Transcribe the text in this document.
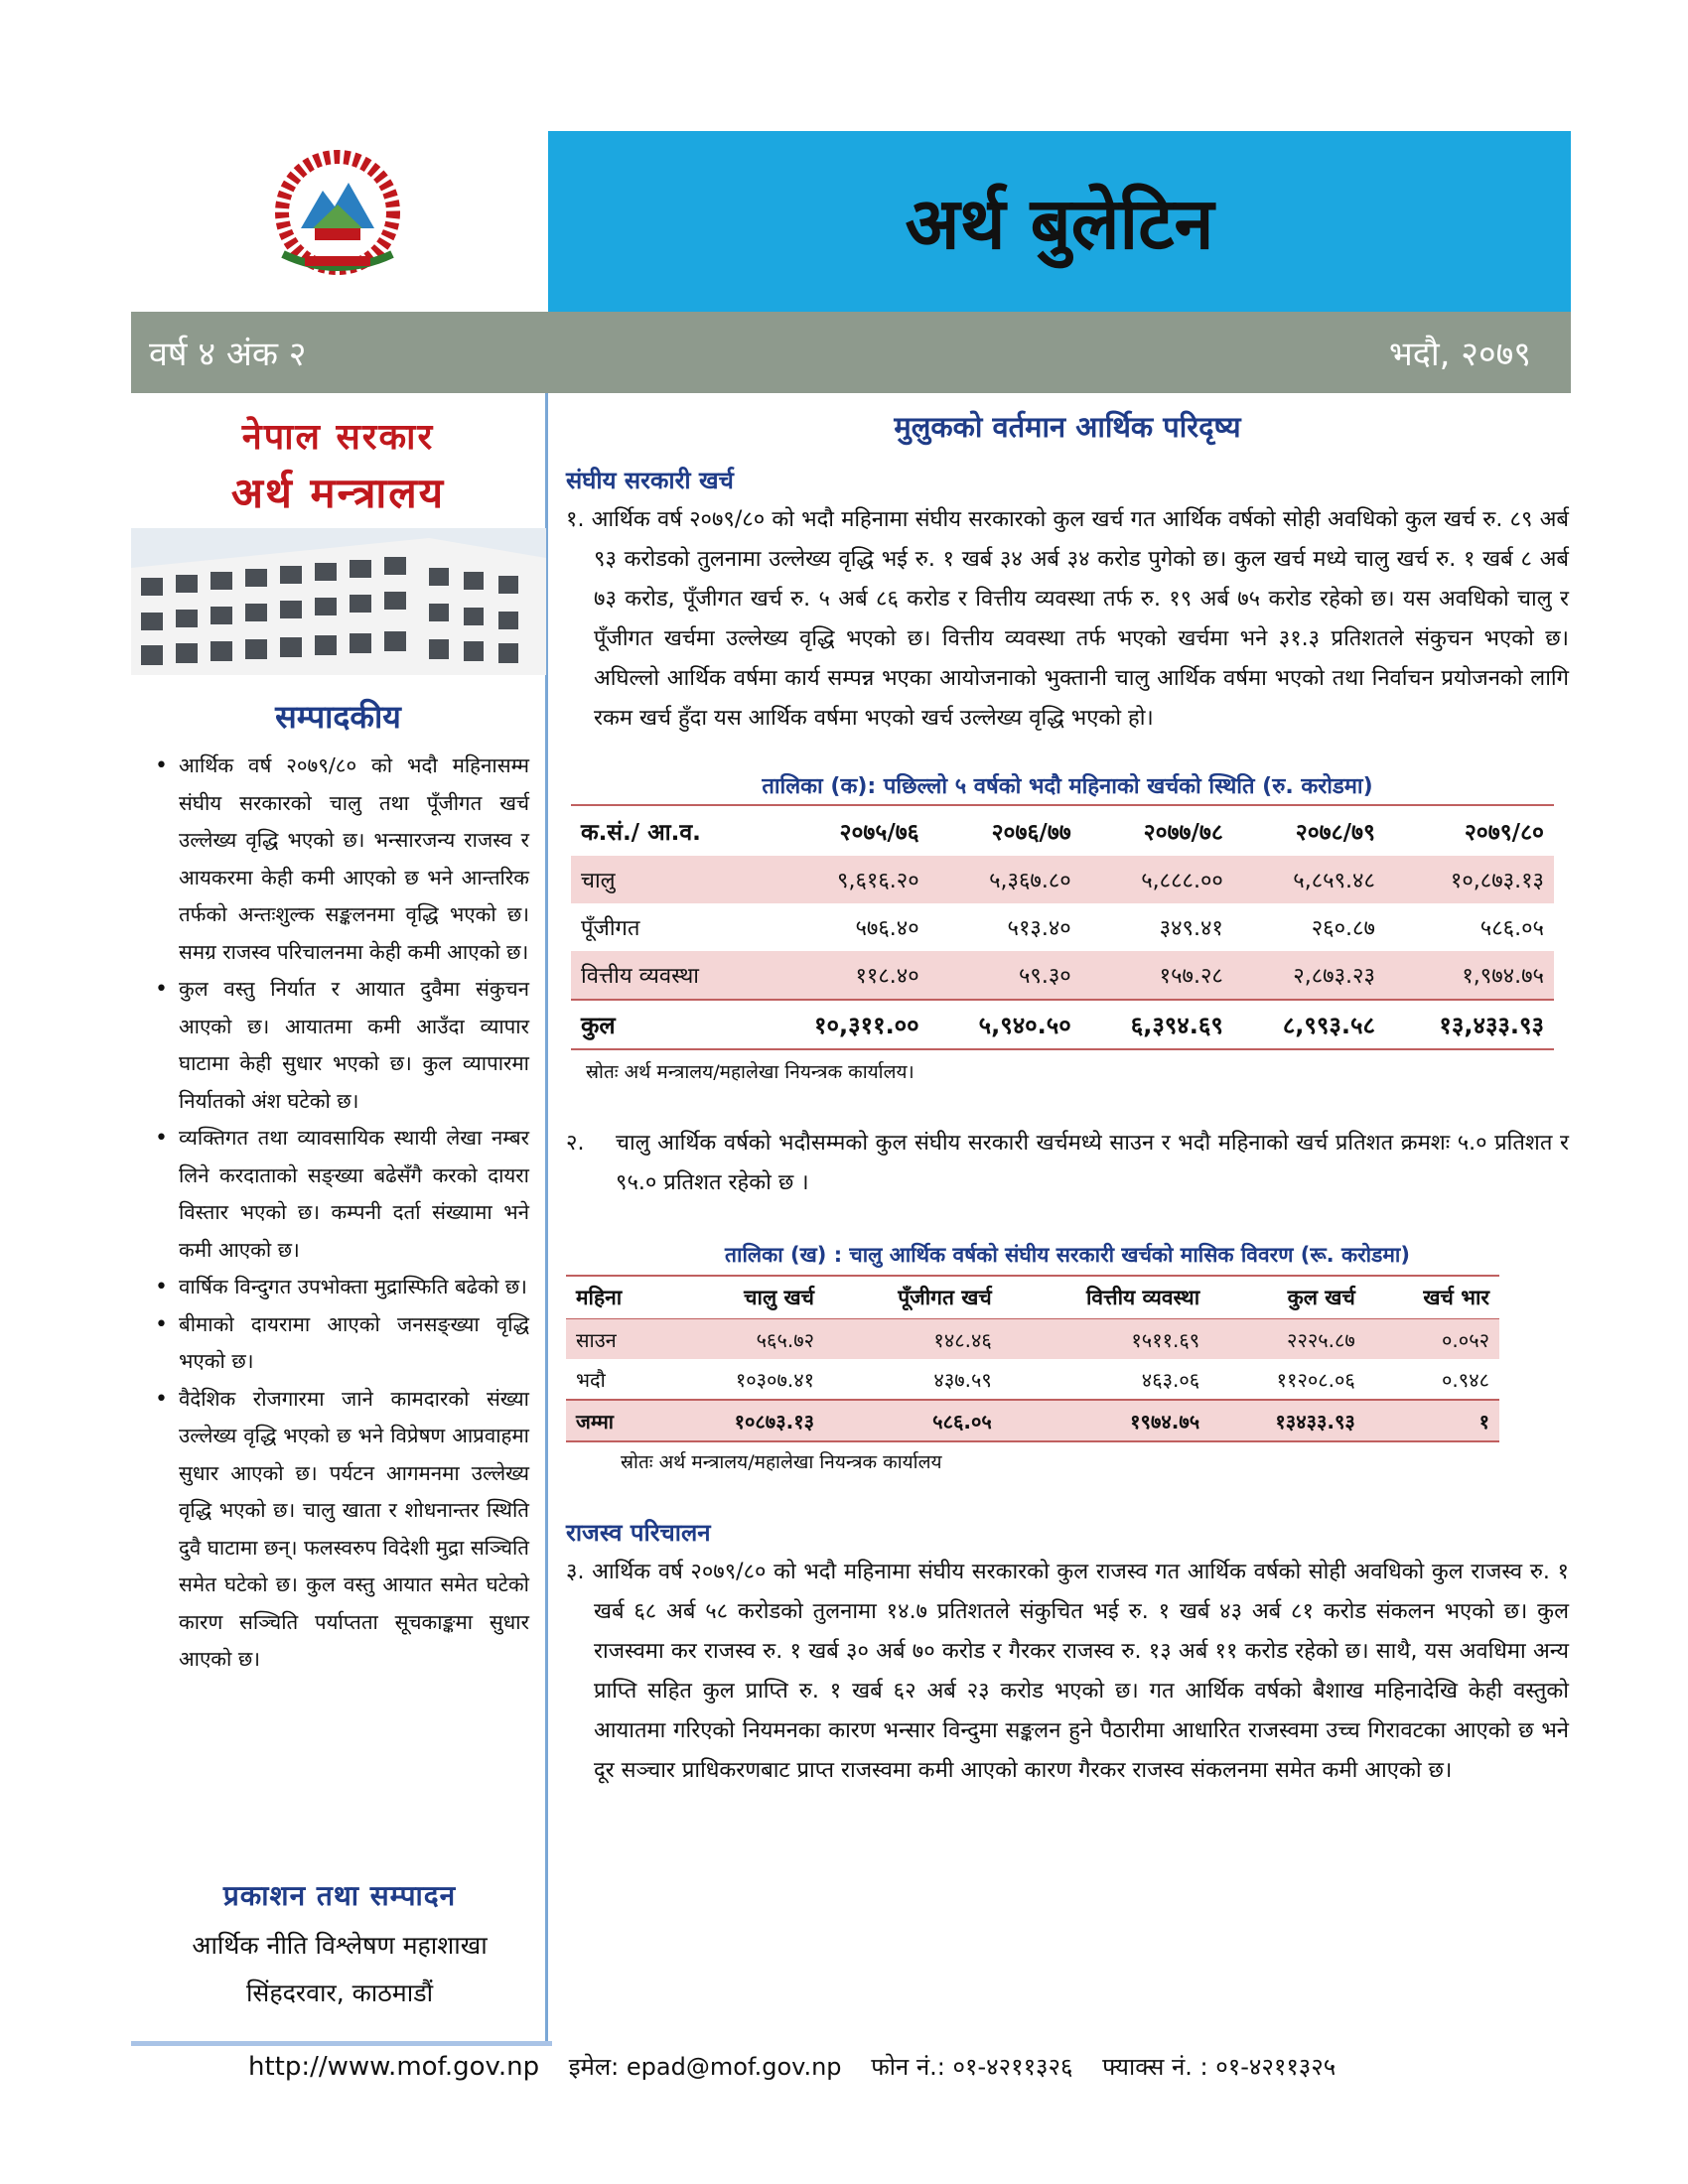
अर्थ बुलेटिन
वर्ष ४ अंक २	भदौ, २०७९
नेपाल सरकार
अर्थ मन्त्रालय
सम्पादकीय
• आर्थिक वर्ष २०७९/८० को भदौ महिनासम्म संघीय सरकारको चालु तथा पूँजीगत खर्च उल्लेख्य वृद्धि भएको छ। भन्सारजन्य राजस्व र आयकरमा केही कमी आएको छ भने आन्तरिक तर्फको अन्तःशुल्क सङ्कलनमा वृद्धि भएको छ। समग्र राजस्व परिचालनमा केही कमी आएको छ।
• कुल वस्तु निर्यात र आयात दुवैमा संकुचन आएको छ। आयातमा कमी आउँदा व्यापार घाटामा केही सुधार भएको छ। कुल व्यापारमा निर्यातको अंश घटेको छ।
• व्यक्तिगत तथा व्यावसायिक स्थायी लेखा नम्बर लिने करदाताको सङ्ख्या बढेसँगै करको दायरा विस्तार भएको छ। कम्पनी दर्ता संख्यामा भने कमी आएको छ।
• वार्षिक विन्दुगत उपभोक्ता मुद्रास्फिति बढेको छ।
• बीमाको दायरामा आएको जनसङ्ख्या वृद्धि भएको छ।
• वैदेशिक रोजगारमा जाने कामदारको संख्या उल्लेख्य वृद्धि भएको छ भने विप्रेषण आप्रवाहमा सुधार आएको छ। पर्यटन आगमनमा उल्लेख्य वृद्धि भएको छ। चालु खाता र शोधनान्तर स्थिति दुवै घाटामा छन्। फलस्वरुप विदेशी मुद्रा सञ्चिति समेत घटेको छ। कुल वस्तु आयात समेत घटेको कारण सञ्चिति पर्याप्तता सूचकाङ्कमा सुधार आएको छ।
प्रकाशन तथा सम्पादन
आर्थिक नीति विश्लेषण महाशाखा
सिंहदरवार, काठमाडौं
मुलुकको वर्तमान आर्थिक परिदृष्य
संघीय सरकारी खर्च
१. आर्थिक वर्ष २०७९/८० को भदौ महिनामा संघीय सरकारको कुल खर्च गत आर्थिक वर्षको सोही अवधिको कुल खर्च रु. ८९ अर्ब ९३ करोडको तुलनामा उल्लेख्य वृद्धि भई रु. १ खर्ब ३४ अर्ब ३४ करोड पुगेको छ। कुल खर्च मध्ये चालु खर्च रु. १ खर्ब ८ अर्ब ७३ करोड, पूँजीगत खर्च रु. ५ अर्ब ८६ करोड र वित्तीय व्यवस्था तर्फ रु. १९ अर्ब ७५ करोड रहेको छ। यस अवधिको चालु र पूँजीगत खर्चमा उल्लेख्य वृद्धि भएको छ। वित्तीय व्यवस्था तर्फ भएको खर्चमा भने ३१.३ प्रतिशतले संकुचन भएको छ। अघिल्लो आर्थिक वर्षमा कार्य सम्पन्न भएका आयोजनाको भुक्तानी चालु आर्थिक वर्षमा भएको तथा निर्वाचन प्रयोजनको लागि रकम खर्च हुँदा यस आर्थिक वर्षमा भएको खर्च उल्लेख्य वृद्धि भएको हो।
तालिका (क): पछिल्लो ५ वर्षको भदौ महिनाको खर्चको स्थिति (रु. करोडमा)
क.सं./ आ.व.	२०७५/७६	२०७६/७७	२०७७/७८	२०७८/७९	२०७९/८०
चालु	९,६१६.२०	५,३६७.८०	५,८८८.००	५,८५९.४८	१०,८७३.१३
पूँजीगत	५७६.४०	५१३.४०	३४९.४१	२६०.८७	५८६.०५
वित्तीय व्यवस्था	११८.४०	५९.३०	१५७.२८	२,८७३.२३	१,९७४.७५
कुल	१०,३११.००	५,९४०.५०	६,३९४.६९	८,९९३.५८	१३,४३३.९३
स्रोतः अर्थ मन्त्रालय/महालेखा नियन्त्रक कार्यालय।
२.	चालु आर्थिक वर्षको भदौसम्मको कुल संघीय सरकारी खर्चमध्ये साउन र भदौ महिनाको खर्च प्रतिशत क्रमशः ५.० प्रतिशत र ९५.० प्रतिशत रहेको छ ।
तालिका (ख) : चालु आर्थिक वर्षको संघीय सरकारी खर्चको मासिक विवरण (रू. करोडमा)
महिना	चालु खर्च	पूँजीगत खर्च	वित्तीय व्यवस्था	कुल खर्च	खर्च भार
साउन	५६५.७२	१४८.४६	१५११.६९	२२२५.८७	०.०५२
भदौ	१०३०७.४१	४३७.५९	४६३.०६	११२०८.०६	०.९४८
जम्मा	१०८७३.१३	५८६.०५	१९७४.७५	१३४३३.९३	१
स्रोतः अर्थ मन्त्रालय/महालेखा नियन्त्रक कार्यालय
राजस्व परिचालन
३. आर्थिक वर्ष २०७९/८० को भदौ महिनामा संघीय सरकारको कुल राजस्व गत आर्थिक वर्षको सोही अवधिको कुल राजस्व रु. १ खर्ब ६८ अर्ब ५८ करोडको तुलनामा १४.७ प्रतिशतले संकुचित भई रु. १ खर्ब ४३ अर्ब ८१ करोड संकलन भएको छ। कुल राजस्वमा कर राजस्व रु. १ खर्ब ३० अर्ब ७० करोड र गैरकर राजस्व रु. १३ अर्ब ११ करोड रहेको छ। साथै, यस अवधिमा अन्य प्राप्ति सहित कुल प्राप्ति रु. १ खर्ब ६२ अर्ब २३ करोड भएको छ। गत आर्थिक वर्षको बैशाख महिनादेखि केही वस्तुको आयातमा गरिएको नियमनका कारण भन्सार विन्दुमा सङ्कलन हुने पैठारीमा आधारित राजस्वमा उच्च गिरावटका आएको छ भने दूर सञ्चार प्राधिकरणबाट प्राप्त राजस्वमा कमी आएको कारण गैरकर राजस्व संकलनमा समेत कमी आएको छ।
http://www.mof.gov.np इमेल: epad@mof.gov.np फोन नं.: ०१-४२११३२६ फ्याक्स नं. : ०१-४२११३२५
